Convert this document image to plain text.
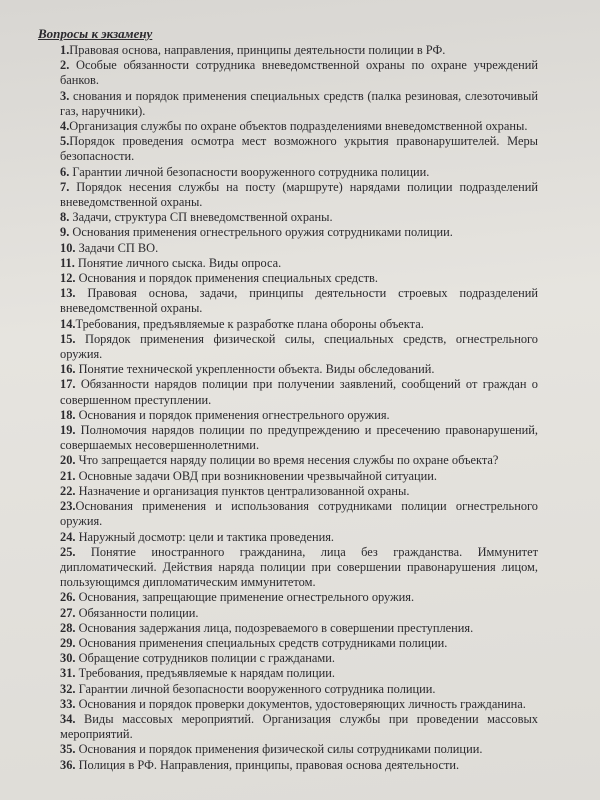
Вопросы к экзамену
1.Правовая основа, направления, принципы деятельности полиции в РФ.
2. Особые обязанности сотрудника вневедомственной охраны по охране учреждений банков.
3. снования и порядок применения специальных средств (палка резиновая, слезоточивый газ, наручники).
4.Организация службы по охране объектов подразделениями вневедомственной охраны.
5.Порядок проведения осмотра мест возможного укрытия правонарушителей. Меры безопасности.
6. Гарантии личной безопасности вооруженного сотрудника полиции.
7. Порядок несения службы на посту (маршруте) нарядами полиции подразделений вневедомственной охраны.
8. Задачи, структура СП вневедомственной охраны.
9. Основания применения огнестрельного оружия сотрудниками полиции.
10. Задачи СП ВО.
11. Понятие личного сыска. Виды опроса.
12. Основания и порядок применения специальных средств.
13. Правовая основа, задачи, принципы деятельности строевых подразделений вневедомственной охраны.
14.Требования, предъявляемые к разработке плана обороны объекта.
15. Порядок применения физической силы, специальных средств, огнестрельного оружия.
16. Понятие технической укрепленности объекта. Виды обследований.
17. Обязанности нарядов полиции при получении заявлений, сообщений от граждан о совершенном преступлении.
18. Основания и порядок применения огнестрельного оружия.
19. Полномочия нарядов полиции по предупреждению и пресечению правонарушений, совершаемых несовершеннолетними.
20. Что запрещается наряду полиции во время несения службы по охране объекта?
21. Основные задачи ОВД при возникновении чрезвычайной ситуации.
22. Назначение и организация пунктов централизованной охраны.
23.Основания применения и использования сотрудниками полиции огнестрельного оружия.
24. Наружный досмотр: цели и тактика проведения.
25. Понятие иностранного гражданина, лица без гражданства. Иммунитет дипломатический. Действия наряда полиции при совершении правонарушения лицом, пользующимся дипломатическим иммунитетом.
26. Основания, запрещающие применение огнестрельного оружия.
27. Обязанности полиции.
28. Основания задержания лица, подозреваемого в совершении преступления.
29. Основания применения специальных средств сотрудниками полиции.
30. Обращение сотрудников полиции с гражданами.
31. Требования, предъявляемые к нарядам полиции.
32. Гарантии личной безопасности вооруженного сотрудника полиции.
33. Основания и порядок проверки документов, удостоверяющих личность гражданина.
34. Виды массовых мероприятий. Организация службы при проведении массовых мероприятий.
35. Основания и порядок применения физической силы сотрудниками полиции.
36. Полиция в РФ. Направления, принципы, правовая основа деятельности.
